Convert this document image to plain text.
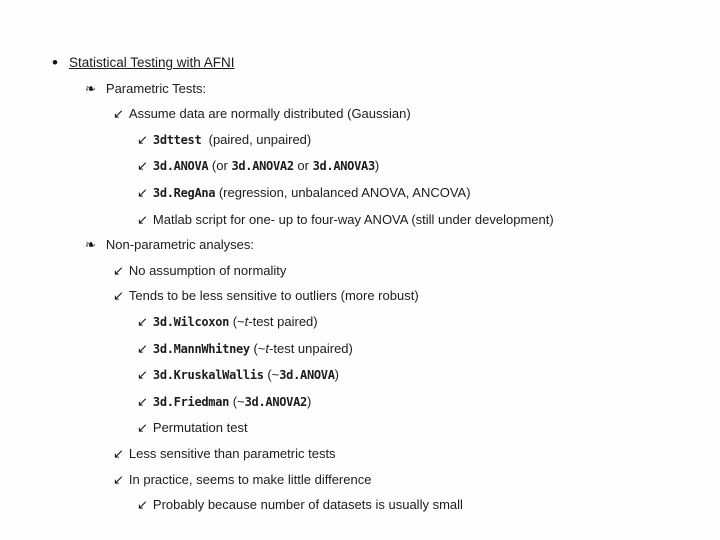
• Statistical Testing with AFNI
❧ Parametric Tests:
↙ Assume data are normally distributed (Gaussian)
↙ 3dttest  (paired, unpaired)
↙ 3d.ANOVA (or 3d.ANOVA2 or 3d.ANOVA3)
↙ 3d.RegAna (regression, unbalanced ANOVA, ANCOVA)
↙ Matlab script for one- up to four-way ANOVA (still under development)
❧ Non-parametric analyses:
↙ No assumption of normality
↙ Tends to be less sensitive to outliers (more robust)
↙ 3d.Wilcoxon (~t-test paired)
↙ 3d.MannWhitney (~t-test unpaired)
↙ 3d.KruskalWallis (~3d.ANOVA)
↙ 3d.Friedman (~3d.ANOVA2)
↙ Permutation test
↙ Less sensitive than parametric tests
↙ In practice, seems to make little difference
↙ Probably because number of datasets is usually small
